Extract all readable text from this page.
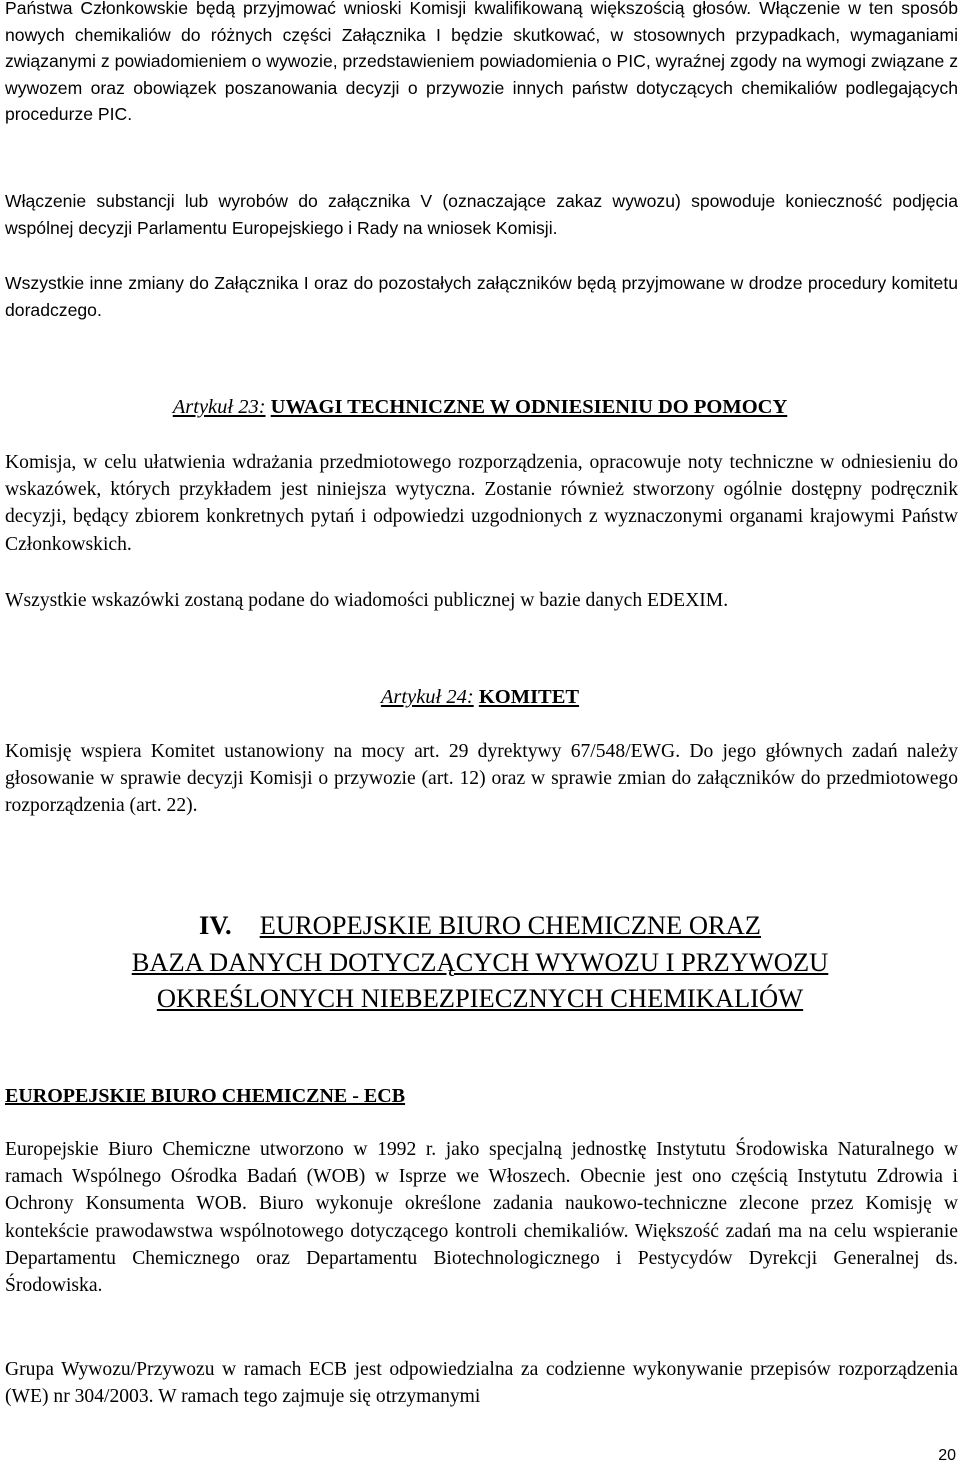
Państwa Członkowskie będą przyjmować wnioski Komisji kwalifikowaną większością głosów. Włączenie w ten sposób nowych chemikaliów do różnych części Załącznika I będzie skutkować, w stosownych przypadkach, wymaganiami związanymi z powiadomieniem o wywozie, przedstawieniem powiadomienia o PIC, wyraźnej zgody na wymogi związane z wywozem oraz obowiązek poszanowania decyzji o przywozie innych państw dotyczących chemikaliów podlegających procedurze PIC.

Włączenie substancji lub wyrobów do załącznika V (oznaczające zakaz wywozu) spowoduje konieczność podjęcia wspólnej decyzji Parlamentu Europejskiego i Rady na wniosek Komisji.

Wszystkie inne zmiany do Załącznika I oraz do pozostałych załączników będą przyjmowane w drodze procedury komitetu doradczego.

Artykuł 23: UWAGI TECHNICZNE W ODNIESIENIU DO POMOCY

Komisja, w celu ułatwienia wdrażania przedmiotowego rozporządzenia, opracowuje noty techniczne w odniesieniu do wskazówek, których przykładem jest niniejsza wytyczna. Zostanie również stworzony ogólnie dostępny podręcznik decyzji, będący zbiorem konkretnych pytań i odpowiedzi uzgodnionych z wyznaczonymi organami krajowymi Państw Członkowskich.

Wszystkie wskazówki zostaną podane do wiadomości publicznej w bazie danych EDEXIM.

Artykuł 24: KOMITET

Komisję wspiera Komitet ustanowiony na mocy art. 29 dyrektywy 67/548/EWG. Do jego głównych zadań należy głosowanie w sprawie decyzji Komisji o przywozie (art. 12) oraz w sprawie zmian do załączników do przedmiotowego rozporządzenia (art. 22).

IV. EUROPEJSKIE BIURO CHEMICZNE ORAZ
BAZA DANYCH DOTYCZĄCYCH WYWOZU I PRZYWOZU
OKREŚLONYCH NIEBEZPIECZNYCH CHEMIKALIÓW

EUROPEJSKIE BIURO CHEMICZNE - ECB

Europejskie Biuro Chemiczne utworzono w 1992 r. jako specjalną jednostkę Instytutu Środowiska Naturalnego w ramach Wspólnego Ośrodka Badań (WOB) w Isprze we Włoszech. Obecnie jest ono częścią Instytutu Zdrowia i Ochrony Konsumenta WOB. Biuro wykonuje określone zadania naukowo-techniczne zlecone przez Komisję w kontekście prawodawstwa wspólnotowego dotyczącego kontroli chemikaliów. Większość zadań ma na celu wspieranie Departamentu Chemicznego oraz Departamentu Biotechnologicznego i Pestycydów Dyrekcji Generalnej ds. Środowiska.

Grupa Wywozu/Przywozu w ramach ECB jest odpowiedzialna za codzienne wykonywanie przepisów rozporządzenia (WE) nr 304/2003. W ramach tego zajmuje się otrzymanymi

20
